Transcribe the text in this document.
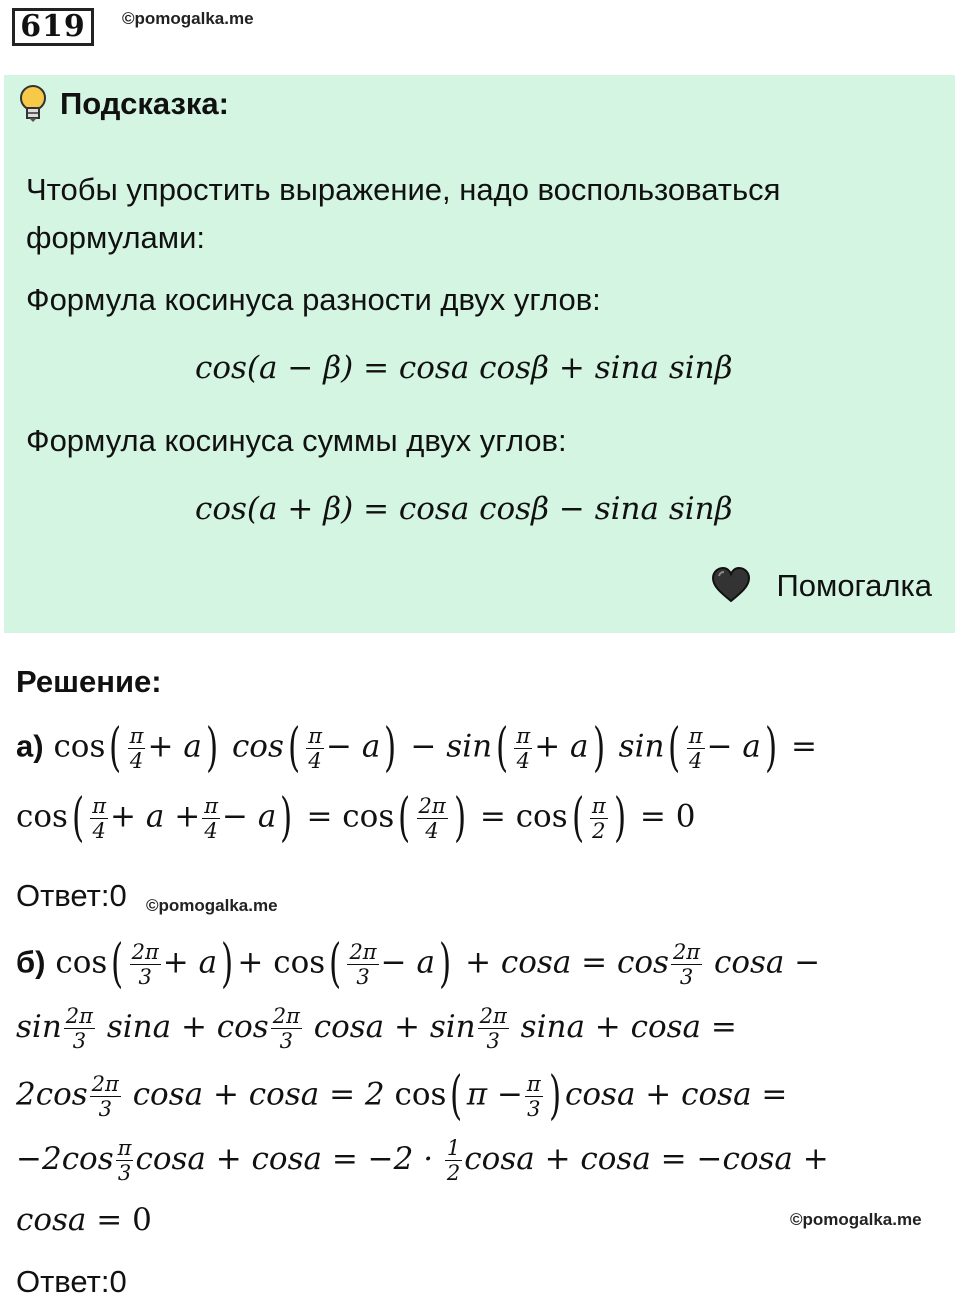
619	©pomogalka.me
Подсказка:
Чтобы упростить выражение, надо воспользоваться
формулами:
Формула косинуса разности двух углов:
cos(a − β) = cosa cosβ + sina sinβ
Формула косинуса суммы двух углов:
cos(a + β) = cosa cosβ − sina sinβ
Помогалка
Решение:
а) $\cos( \frac{\pi}{4} + a)$ $\cos( \frac{\pi}{4} - a) - \sin( \frac{\pi}{4} + a)$ $\sin( \frac{\pi}{4} - a)$ =
$\cos( \frac{\pi}{4} + a + \frac{\pi}{4} - a) = \cos( \frac{2\pi}{4}$ ) = $\cos( \frac{\pi}{2}$ ) = 0
Ответ:0 ©pomogalka.me
б) $\cos( \frac{2\pi}{3} + a) + \cos( \frac{2\pi}{3} - a) + \cos a = \cos \frac{2\pi}{3}$ cosa −
$\sin \frac{2\pi}{3}$ $\sin a + \cos \frac{2\pi}{3}$ $\cos a + \sin \frac{2\pi}{3}$ sina + cosa =
$2\cos \frac{2\pi}{3}$ cosa + cosa = 2 cos( $\pi - \frac{\pi}{3}$ ) cosa + cosa =
$-2\cos \frac{\pi}{3}$ $\cos a + \cos a = -2 \cdot \frac{1}{2}$ cosa + cosa = −cosa +
cosa = 0	©pomogalka.me
Ответ:0
